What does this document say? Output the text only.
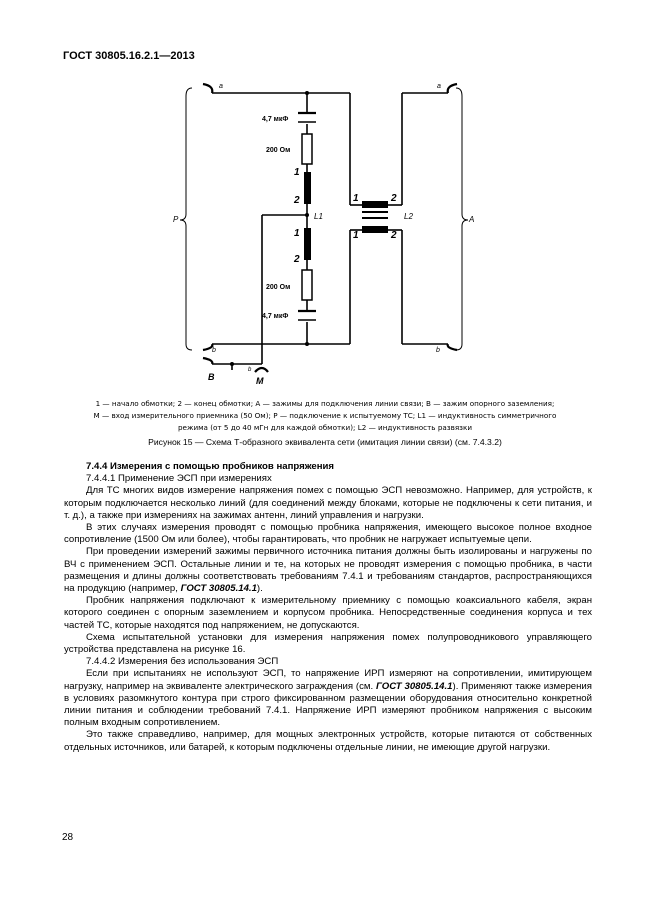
ГОСТ 30805.16.2.1—2013
4,7 мкФ
200 Ом
1
2
L1
1
2
200 Ом
4,7 мкФ
1	2
1	2
L2
P	A
a	a
b	b
B	M
b
1 — начало обмотки; 2 — конец обмотки; А — зажимы для подключения линии связи; В — зажим опорного заземления;
М — вход измерительного приемника (50 Ом); Р — подключение к испытуемому ТС; L1 — индуктивность симметричного
режима (от 5 до 40 мГн для каждой обмотки); L2 — индуктивность развязки
Рисунок 15 — Схема Т-образного эквивалента сети (имитация линии связи) (см. 7.4.3.2)

7.4.4 Измерения с помощью пробников напряжения

7.4.4.1 Применение ЭСП при измерениях

Для ТС многих видов измерение напряжения помех с помощью ЭСП невозможно. Например, для устройств, к которым подключается несколько линий (для соединений между блоками, которые не подключены к сети питания, и т. д.), а также при измерениях на зажимах антенн, линий управления и нагрузки.

В этих случаях измерения проводят с помощью пробника напряжения, имеющего высокое полное входное сопротивление (1500 Ом или более), чтобы гарантировать, что пробник не нагружает испытуемые цепи.

При проведении измерений зажимы первичного источника питания должны быть изолированы и нагружены по ВЧ с применением ЭСП. Остальные линии и те, на которых не проводят измерения с помощью пробника, в части размещения и длины должны соответствовать требованиям 7.4.1 и требованиям стандартов, распространяющихся на продукцию (например, ГОСТ 30805.14.1).

Пробник напряжения подключают к измерительному приемнику с помощью коаксиального кабеля, экран которого соединен с опорным заземлением и корпусом пробника. Непосредственные соединения корпуса и тех частей ТС, которые находятся под напряжением, не допускаются.

Схема испытательной установки для измерения напряжения помех полупроводникового управляющего устройства представлена на рисунке 16.

7.4.4.2 Измерения без использования ЭСП

Если при испытаниях не используют ЭСП, то напряжение ИРП измеряют на сопротивлении, имитирующем нагрузку, например на эквиваленте электрического заграждения (см. ГОСТ 30805.14.1). Применяют также измерения в условиях разомкнутого контура при строго фиксированном размещении оборудования относительно конкретной линии питания и соблюдении требований 7.4.1. Напряжение ИРП измеряют пробником напряжения с высоким полным входным сопротивлением.

Это также справедливо, например, для мощных электронных устройств, которые питаются от собственных отдельных источников, или батарей, к которым подключены отдельные линии, не имеющие другой нагрузки.

28
